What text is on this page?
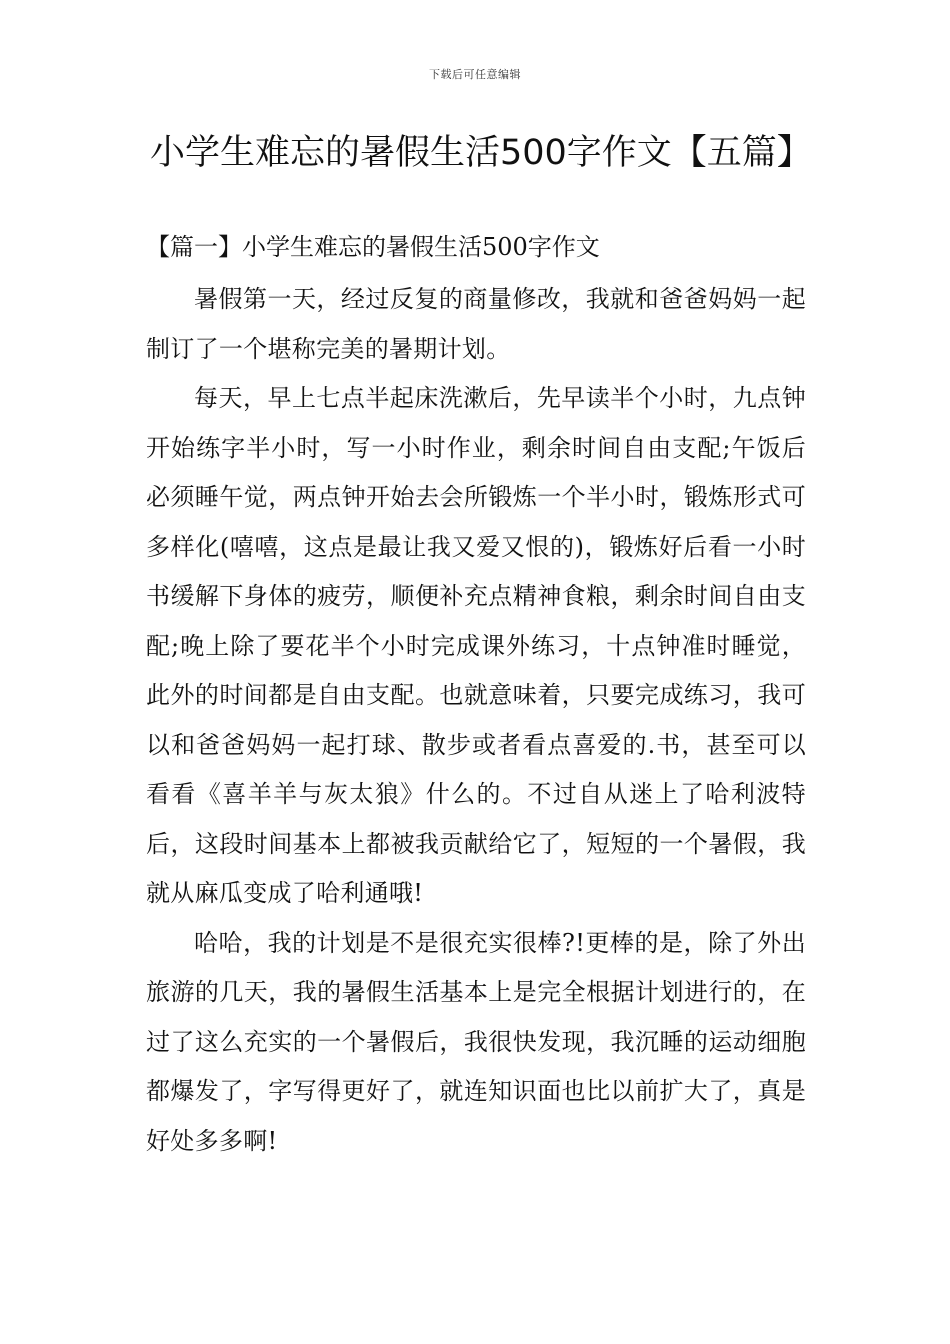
下载后可任意编辑
小学生难忘的暑假生活500字作文【五篇】
【篇一】小学生难忘的暑假生活500字作文

暑假第一天，经过反复的商量修改，我就和爸爸妈妈一起制订了一个堪称完美的暑期计划。

每天，早上七点半起床洗漱后，先早读半个小时，九点钟开始练字半小时，写一小时作业，剩余时间自由支配;午饭后必须睡午觉，两点钟开始去会所锻炼一个半小时，锻炼形式可多样化(嘻嘻，这点是最让我又爱又恨的)，锻炼好后看一小时书缓解下身体的疲劳，顺便补充点精神食粮，剩余时间自由支配;晚上除了要花半个小时完成课外练习，十点钟准时睡觉，此外的时间都是自由支配。也就意味着，只要完成练习，我可以和爸爸妈妈一起打球、散步或者看点喜爱的.书，甚至可以看看《喜羊羊与灰太狼》什么的。不过自从迷上了哈利波特后，这段时间基本上都被我贡献给它了，短短的一个暑假，我就从麻瓜变成了哈利通哦!

哈哈，我的计划是不是很充实很棒?!更棒的是，除了外出旅游的几天，我的暑假生活基本上是完全根据计划进行的，在过了这么充实的一个暑假后，我很快发现，我沉睡的运动细胞都爆发了，字写得更好了，就连知识面也比以前扩大了，真是好处多多啊!
